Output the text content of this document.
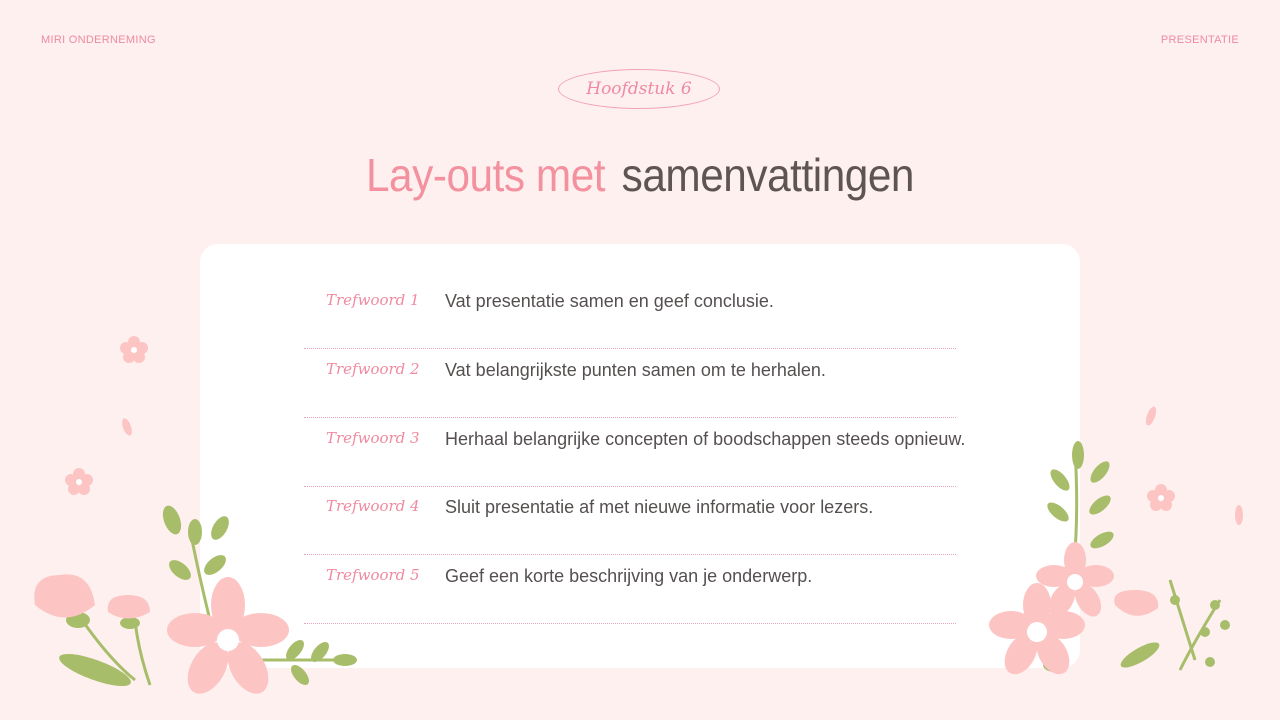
MIRI ONDERNEMING	PRESENTATIE
Hoofdstuk 6
Lay-outs met samenvattingen
Trefwoord 1 Vat presentatie samen en geef conclusie.
Trefwoord 2 Vat belangrijkste punten samen om te herhalen.
Trefwoord 3 Herhaal belangrijke concepten of boodschappen steeds opnieuw.
Trefwoord 4 Sluit presentatie af met nieuwe informatie voor lezers.
Trefwoord 5 Geef een korte beschrijving van je onderwerp.
